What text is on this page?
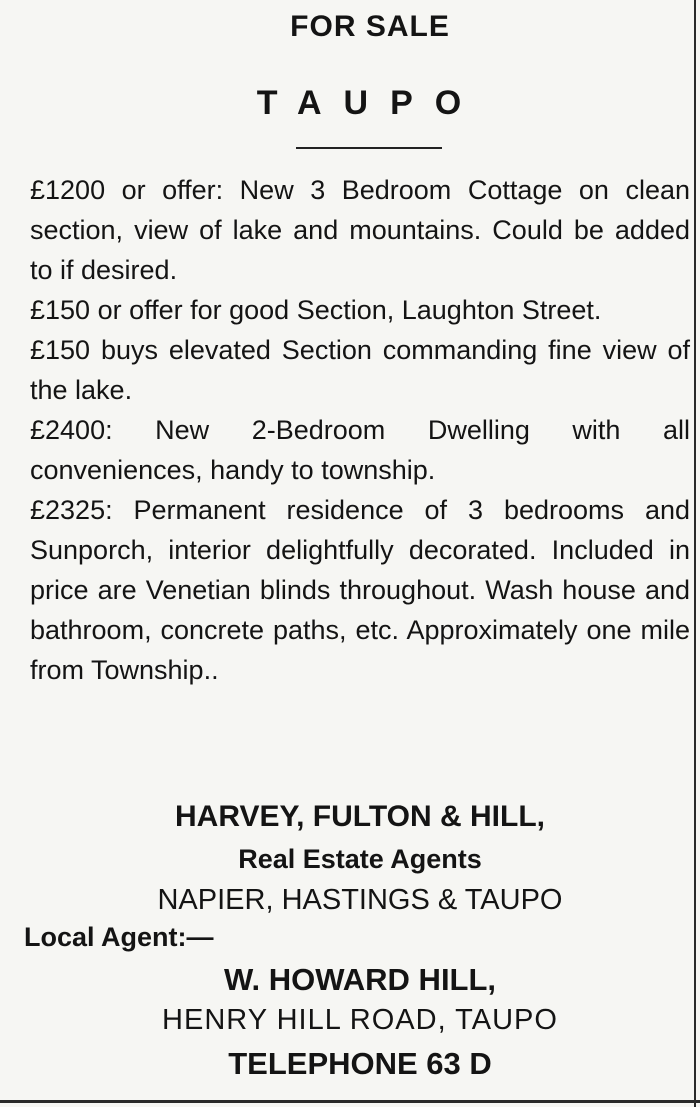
FOR SALE
TAUPO
£1200 or offer: New 3 Bedroom Cottage on clean section, view of lake and mountains. Could be added to if desired.
£150 or offer for good Section, Laughton Street.
£150 buys elevated Section commanding fine view of the lake.
£2400: New 2-Bedroom Dwelling with all conveniences, handy to township.
£2325: Permanent residence of 3 bedrooms and Sunporch, interior delightfully decorated. Included in price are Venetian blinds throughout. Wash house and bathroom, concrete paths, etc. Approximately one mile from Township..

HARVEY, FULTON & HILL,

Real Estate Agents

NAPIER, HASTINGS & TAUPO

Local Agent:—

W. HOWARD HILL,

HENRY HILL ROAD, TAUPO

TELEPHONE 63 D
